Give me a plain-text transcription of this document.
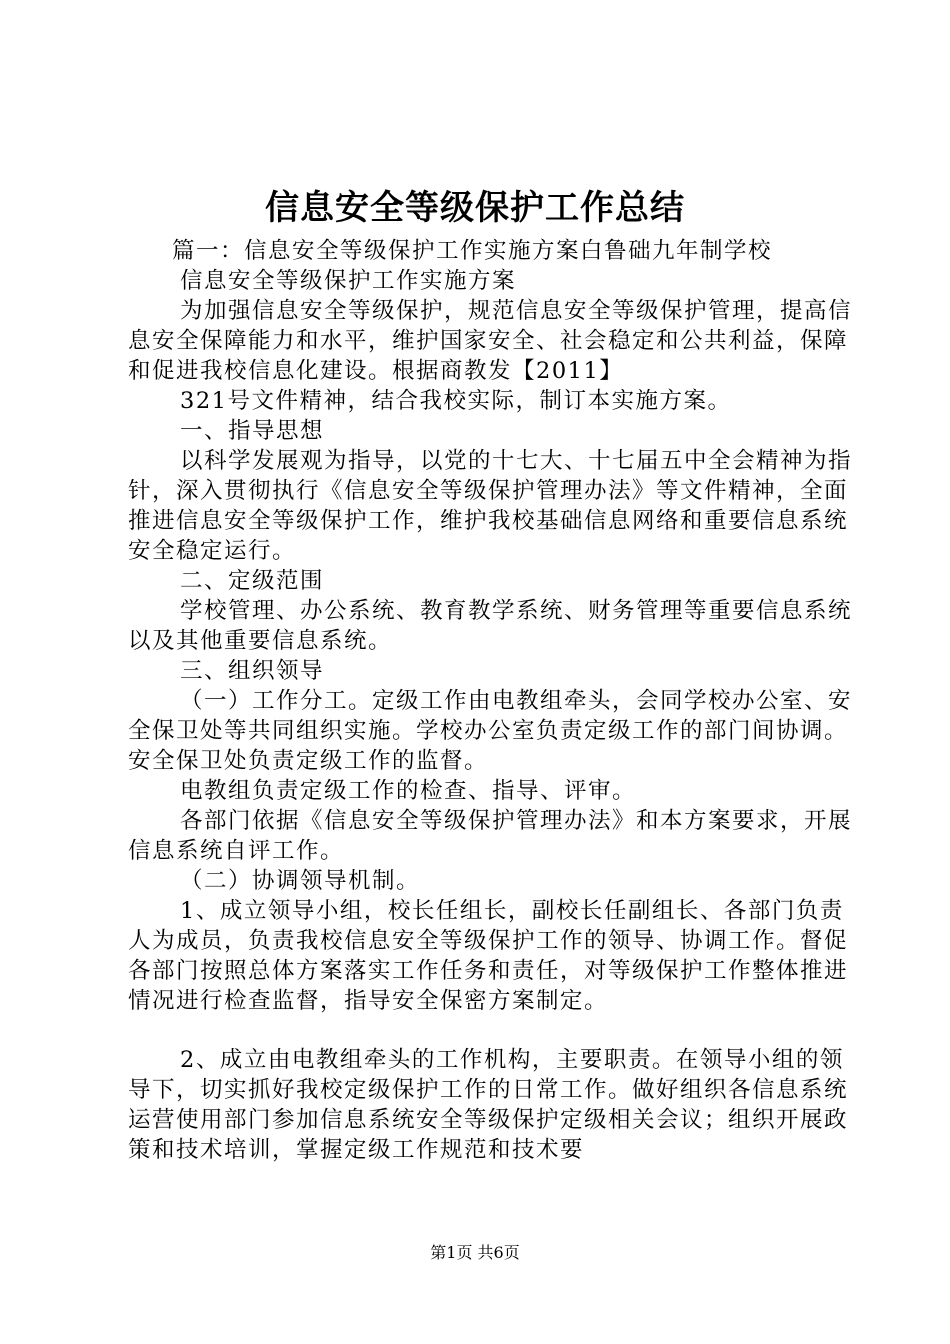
信息安全等级保护工作总结

篇一：信息安全等级保护工作实施方案白鲁础九年制学校

信息安全等级保护工作实施方案

为加强信息安全等级保护，规范信息安全等级保护管理，提高信息安全保障能力和水平，维护国家安全、社会稳定和公共利益，保障和促进我校信息化建设。根据商教发【2011】

321号文件精神，结合我校实际，制订本实施方案。

一、指导思想

以科学发展观为指导，以党的十七大、十七届五中全会精神为指针，深入贯彻执行《信息安全等级保护管理办法》等文件精神，全面推进信息安全等级保护工作，维护我校基础信息网络和重要信息系统安全稳定运行。

二、定级范围

学校管理、办公系统、教育教学系统、财务管理等重要信息系统以及其他重要信息系统。

三、组织领导

（一）工作分工。定级工作由电教组牵头，会同学校办公室、安全保卫处等共同组织实施。学校办公室负责定级工作的部门间协调。安全保卫处负责定级工作的监督。

电教组负责定级工作的检查、指导、评审。

各部门依据《信息安全等级保护管理办法》和本方案要求，开展信息系统自评工作。

（二）协调领导机制。

1、成立领导小组，校长任组长，副校长任副组长、各部门负责人为成员，负责我校信息安全等级保护工作的领导、协调工作。督促各部门按照总体方案落实工作任务和责任，对等级保护工作整体推进情况进行检查监督，指导安全保密方案制定。

2、成立由电教组牵头的工作机构，主要职责。在领导小组的领导下，切实抓好我校定级保护工作的日常工作。做好组织各信息系统运营使用部门参加信息系统安全等级保护定级相关会议；组织开展政策和技术培训，掌握定级工作规范和技术要

第1页 共6页
